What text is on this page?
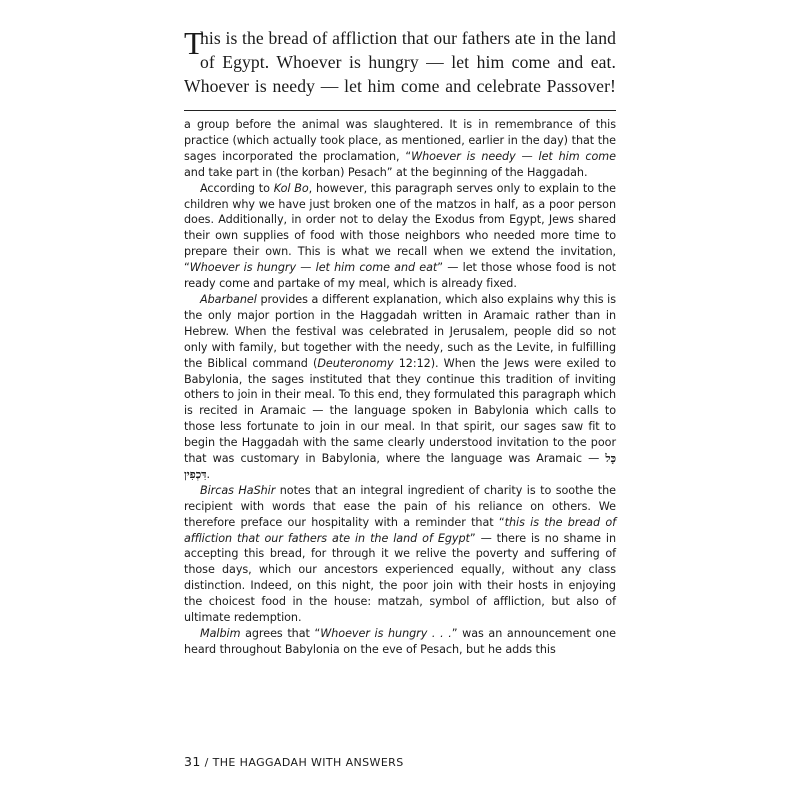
T
his is the bread of affliction that our fathers ate in the land
of Egypt. Whoever is hungry — let him come and eat.
Whoever is needy — let him come and celebrate Passover!

a group before the animal was slaughtered. It is in remembrance of this practice (which actually took place, as mentioned, earlier in the day) that the sages incorporated the proclamation, “Whoever is needy — let him come and take part in (the korban) Pesach” at the beginning of the Haggadah.

According to Kol Bo, however, this paragraph serves only to explain to the children why we have just broken one of the matzos in half, as a poor person does. Additionally, in order not to delay the Exodus from Egypt, Jews shared their own supplies of food with those neighbors who needed more time to prepare their own. This is what we recall when we extend the invitation, “Whoever is hungry — let him come and eat” — let those whose food is not ready come and partake of my meal, which is already fixed.

Abarbanel provides a different explanation, which also explains why this is the only major portion in the Haggadah written in Aramaic rather than in Hebrew. When the festival was celebrated in Jerusalem, people did so not only with family, but together with the needy, such as the Levite, in fulfilling the Biblical command (Deuteronomy 12:12). When the Jews were exiled to Babylonia, the sages instituted that they continue this tradition of inviting others to join in their meal. To this end, they formulated this paragraph which is recited in Aramaic — the language spoken in Babylonia which calls to those less fortunate to join in our meal. In that spirit, our sages saw fit to begin the Haggadah with the same clearly understood invitation to the poor that was customary in Babylonia, where the language was Aramaic — כָּל דִּכְפִין.

Bircas HaShir notes that an integral ingredient of charity is to soothe the recipient with words that ease the pain of his reliance on others. We therefore preface our hospitality with a reminder that “this is the bread of affliction that our fathers ate in the land of Egypt” — there is no shame in accepting this bread, for through it we relive the poverty and suffering of those days, which our ancestors experienced equally, without any class distinction. Indeed, on this night, the poor join with their hosts in enjoying the choicest food in the house: matzah, symbol of affliction, but also of ultimate redemption.

Malbim agrees that “Whoever is hungry . . .” was an announcement one heard throughout Babylonia on the eve of Pesach, but he adds this

31 / THE HAGGADAH WITH ANSWERS
